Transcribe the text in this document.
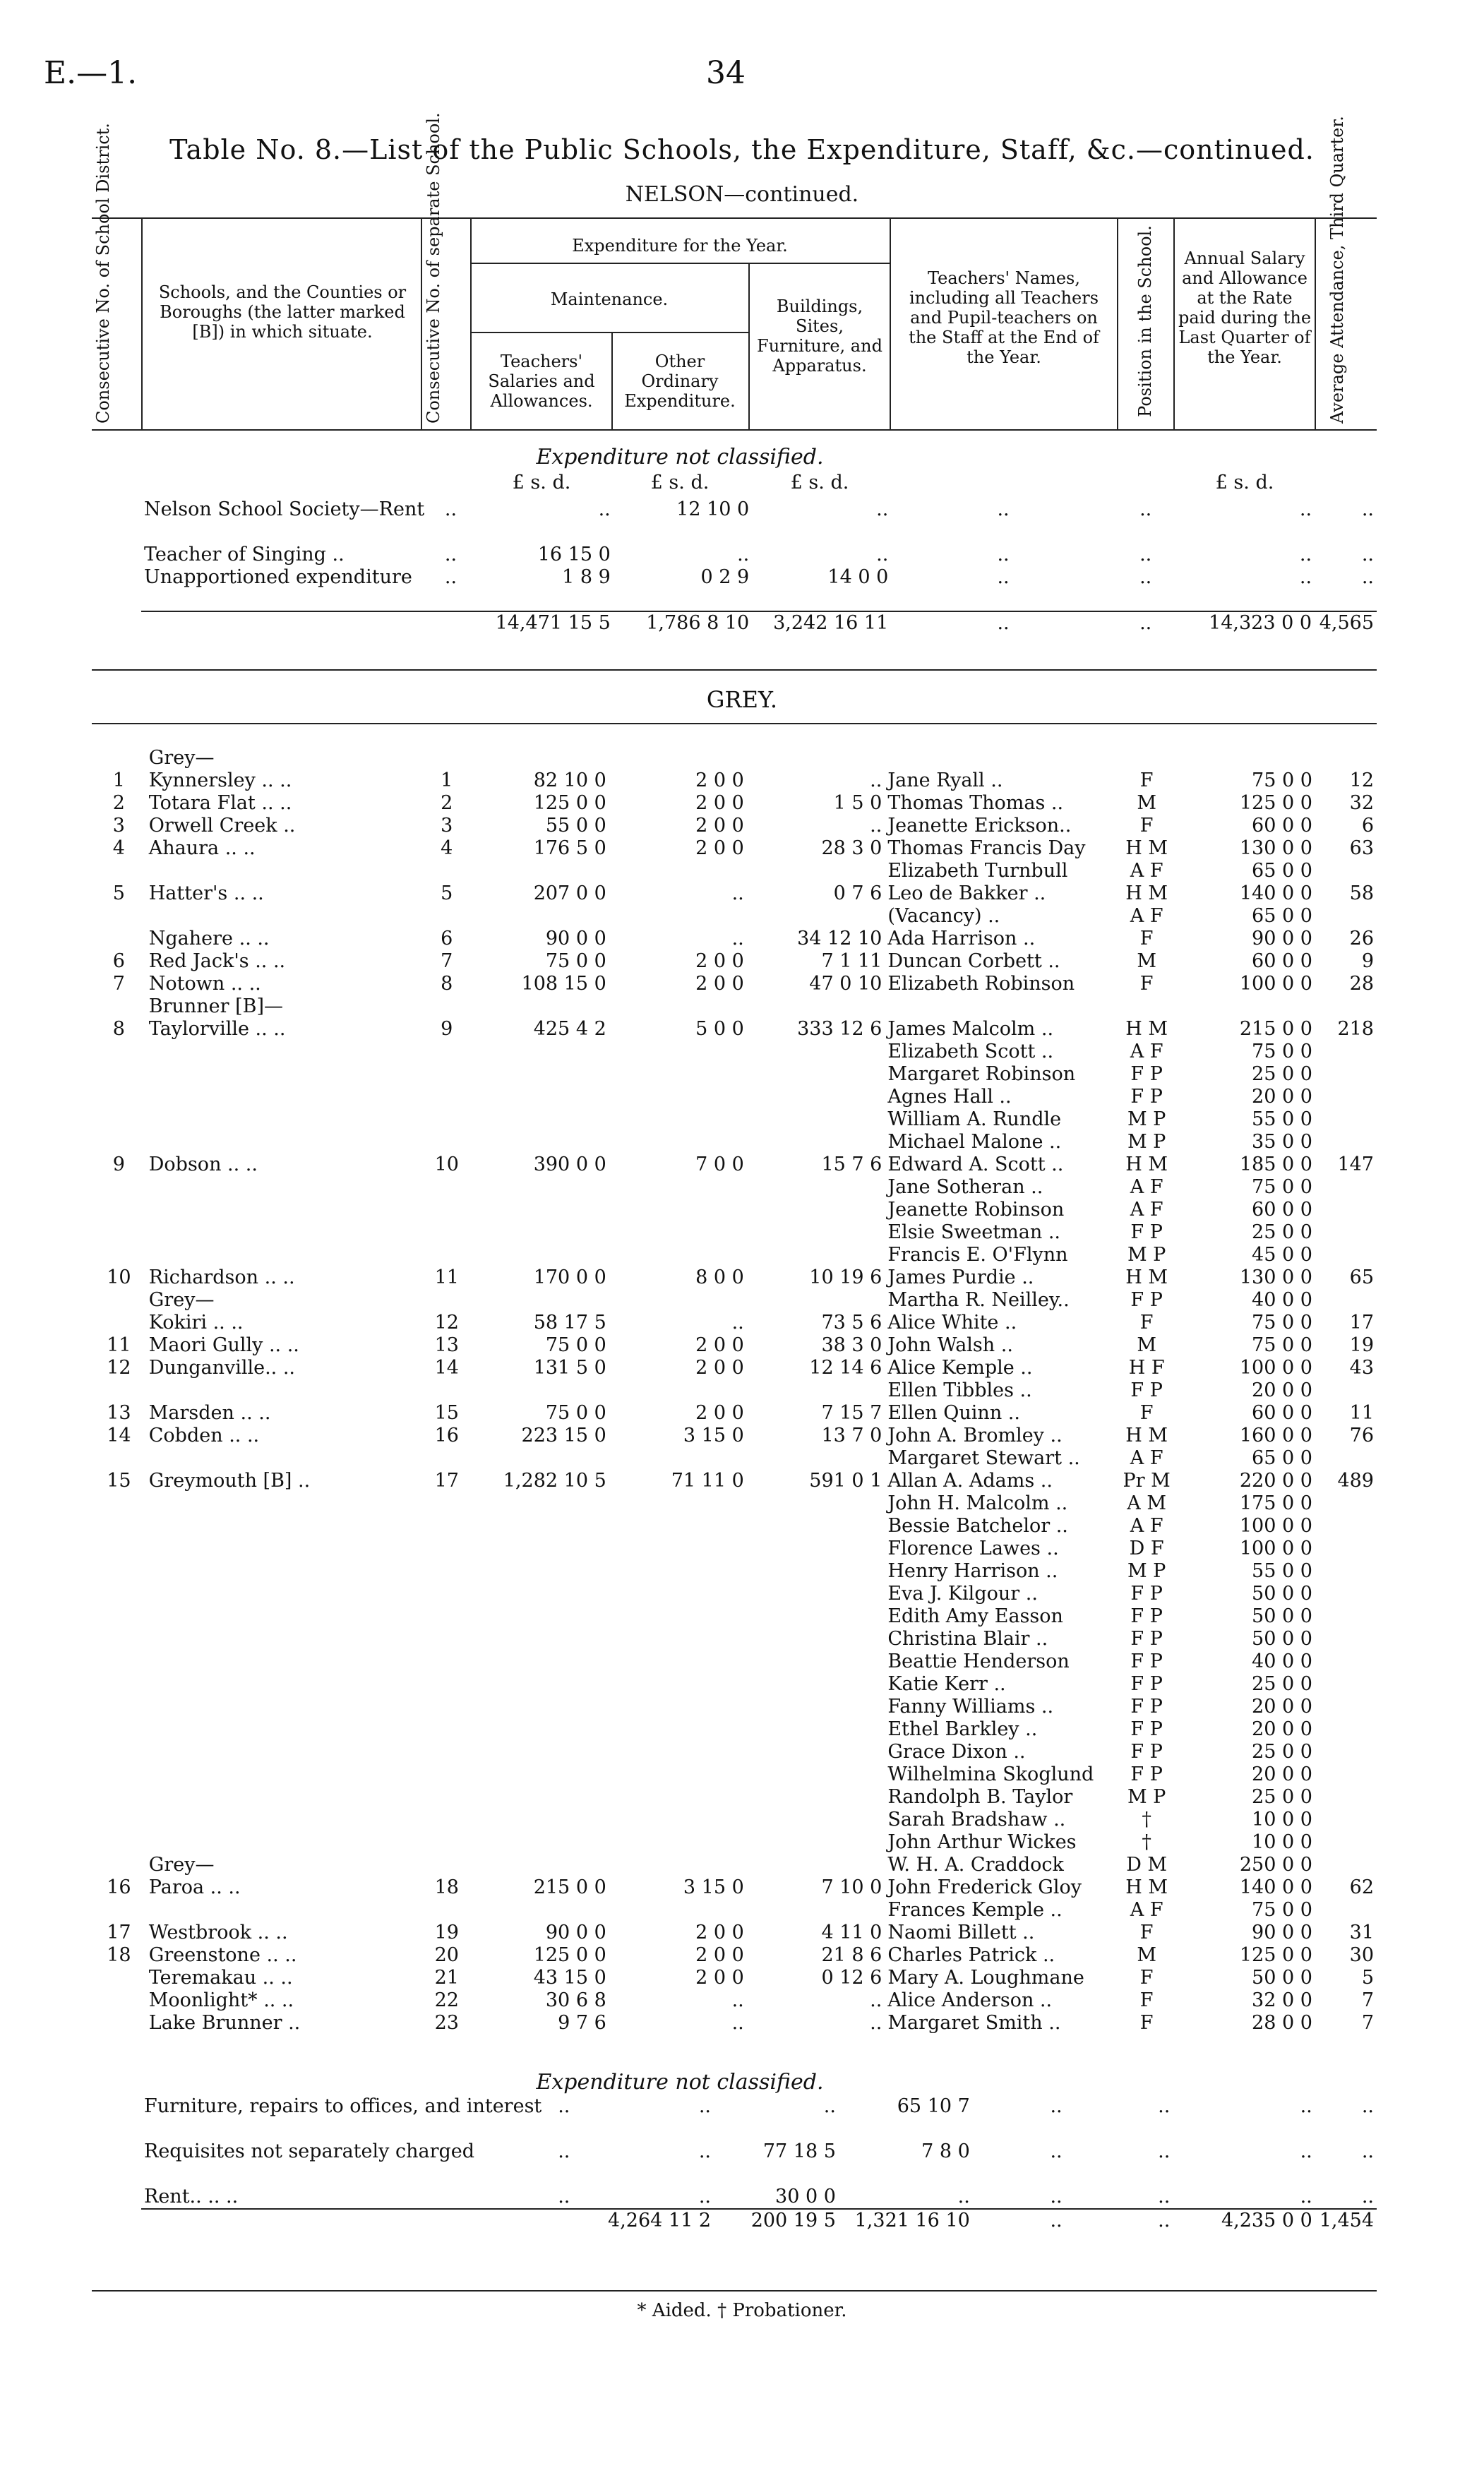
E.—1.	34
Table No. 8.—List of the Public Schools, the Expenditure, Staff, &c.—continued.
NELSON—continued.
Consecutive No. of School District.	Schools, and the Counties or Boroughs (the latter marked [B]) in which situate.	Consecutive No. of separate School.	Expenditure for the Year.
Maintenance.
Teachers' Salaries and Allowances.
Other Ordinary Expenditure.
Buildings, Sites, Furniture, and Apparatus.
Teachers' Names, including all Teachers and Pupil-teachers on the Staff at the End of the Year.	Position in the School.	Annual Salary and Allowance at the Rate paid during the Last Quarter of the Year.	Average Attendance, Third Quarter.
Expenditure not classified.
£ s. d.	£ s. d.	£ s. d.	£ s. d.
Nelson School Society—Rent	..	..	12 10 0	..	..	..	..	..
Teacher of Singing ..	..	16 15 0	..	..	..	..	..	..
Unapportioned expenditure	..	1 8 9	0 2 9	14 0 0	..	..	..	..
		14,471 15 5	1,786 8 10	3,242 16 11	..	..	14,323 0 0	4,565
GREY.
	Grey—								
1	Kynnersley .. ..	1	82 10 0	2 0 0	..	Jane Ryall ..	F	75 0 0	12
2	Totara Flat .. ..	2	125 0 0	2 0 0	1 5 0	Thomas Thomas ..	M	125 0 0	32
3	Orwell Creek ..	3	55 0 0	2 0 0	..	Jeanette Erickson..	F	60 0 0	6
4	Ahaura .. ..	4	176 5 0	2 0 0	28 3 0	Thomas Francis Day	H M	130 0 0	63
						Elizabeth Turnbull	A F	65 0 0	
5	Hatter's .. ..	5	207 0 0	..	0 7 6	Leo de Bakker ..	H M	140 0 0	58
						(Vacancy) ..	A F	65 0 0	
	Ngahere .. ..	6	90 0 0	..	34 12 10	Ada Harrison ..	F	90 0 0	26
6	Red Jack's .. ..	7	75 0 0	2 0 0	7 1 11	Duncan Corbett ..	M	60 0 0	9
7	Notown .. ..	8	108 15 0	2 0 0	47 0 10	Elizabeth Robinson	F	100 0 0	28
	Brunner [B]—								
8	Taylorville .. ..	9	425 4 2	5 0 0	333 12 6	James Malcolm ..	H M	215 0 0	218
						Elizabeth Scott ..	A F	75 0 0	
						Margaret Robinson	F P	25 0 0	
						Agnes Hall ..	F P	20 0 0	
						William A. Rundle	M P	55 0 0	
						Michael Malone ..	M P	35 0 0	
9	Dobson .. ..	10	390 0 0	7 0 0	15 7 6	Edward A. Scott ..	H M	185 0 0	147
						Jane Sotheran ..	A F	75 0 0	
						Jeanette Robinson	A F	60 0 0	
						Elsie Sweetman ..	F P	25 0 0	
						Francis E. O'Flynn	M P	45 0 0	
10	Richardson .. ..	11	170 0 0	8 0 0	10 19 6	James Purdie ..	H M	130 0 0	65
	Grey—					Martha R. Neilley..	F P	40 0 0	
	Kokiri .. ..	12	58 17 5	..	73 5 6	Alice White ..	F	75 0 0	17
11	Maori Gully .. ..	13	75 0 0	2 0 0	38 3 0	John Walsh ..	M	75 0 0	19
12	Dunganville.. ..	14	131 5 0	2 0 0	12 14 6	Alice Kemple ..	H F	100 0 0	43
						Ellen Tibbles ..	F P	20 0 0	
13	Marsden .. ..	15	75 0 0	2 0 0	7 15 7	Ellen Quinn ..	F	60 0 0	11
14	Cobden .. ..	16	223 15 0	3 15 0	13 7 0	John A. Bromley ..	H M	160 0 0	76
						Margaret Stewart ..	A F	65 0 0	
15	Greymouth [B] ..	17	1,282 10 5	71 11 0	591 0 1	Allan A. Adams ..	Pr M	220 0 0	489
						John H. Malcolm ..	A M	175 0 0	
						Bessie Batchelor ..	A F	100 0 0	
						Florence Lawes ..	D F	100 0 0	
						Henry Harrison ..	M P	55 0 0	
						Eva J. Kilgour ..	F P	50 0 0	
						Edith Amy Easson	F P	50 0 0	
						Christina Blair ..	F P	50 0 0	
						Beattie Henderson	F P	40 0 0	
						Katie Kerr ..	F P	25 0 0	
						Fanny Williams ..	F P	20 0 0	
						Ethel Barkley ..	F P	20 0 0	
						Grace Dixon ..	F P	25 0 0	
						Wilhelmina Skoglund	F P	20 0 0	
						Randolph B. Taylor	M P	25 0 0	
						Sarah Bradshaw ..	†	10 0 0	
						John Arthur Wickes	†	10 0 0	
	Grey—					W. H. A. Craddock	D M	250 0 0	
16	Paroa .. ..	18	215 0 0	3 15 0	7 10 0	John Frederick Gloy	H M	140 0 0	62
						Frances Kemple ..	A F	75 0 0	
17	Westbrook .. ..	19	90 0 0	2 0 0	4 11 0	Naomi Billett ..	F	90 0 0	31
18	Greenstone .. ..	20	125 0 0	2 0 0	21 8 6	Charles Patrick ..	M	125 0 0	30
	Teremakau .. ..	21	43 15 0	2 0 0	0 12 6	Mary A. Loughmane	F	50 0 0	5
	Moonlight* .. ..	22	30 6 8	..	..	Alice Anderson ..	F	32 0 0	7
	Lake Brunner ..	23	9 7 6	..	..	Margaret Smith ..	F	28 0 0	7
Expenditure not classified.
Furniture, repairs to offices, and interest	..	..	..	65 10 7	..	..	..	..
Requisites not separately charged	..	..	77 18 5	7 8 0	..	..	..	..
Rent.. .. ..	..	..	30 0 0	..	..	..	..	..
		4,264 11 2	200 19 5	1,321 16 10	..	..	4,235 0 0	1,454
* Aided. † Probationer.
